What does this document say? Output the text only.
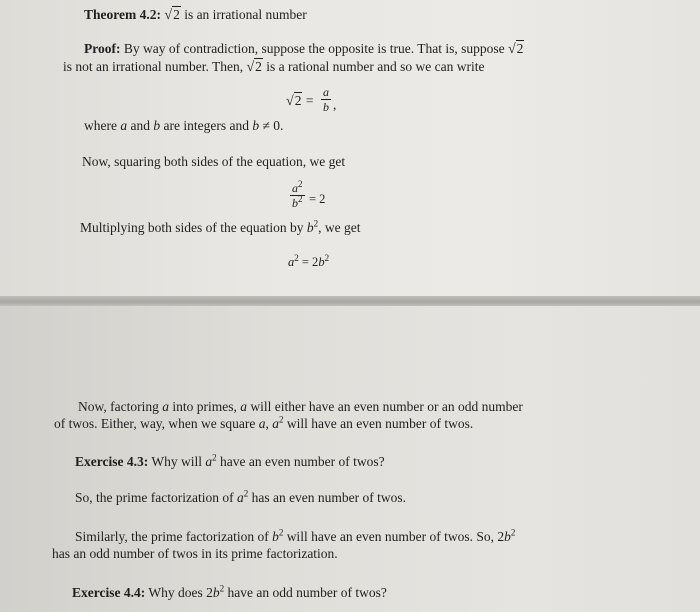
Theorem 4.2: √2 is an irrational number
Proof: By way of contradiction, suppose the opposite is true. That is, suppose √2
is not an irrational number. Then, √2 is a rational number and so we can write
$√2 = \frac{a}{b}$ ,
where a and b are integers and b ≠ 0.
Now, squaring both sides of the equation, we get
$\frac{a^2}{b^2} = 2$
Multiplying both sides of the equation by $b^2$, we get
$a^2 = 2b^2$
Now, factoring a into primes, a will either have an even number or an odd number
of twos. Either, way, when we square a, $a^2$ will have an even number of twos.
Exercise 4.3: Why will $a^2$ have an even number of twos?
So, the prime factorization of $a^2$ has an even number of twos.
Similarly, the prime factorization of $b^2$ will have an even number of twos. So, $2b^2$
has an odd number of twos in its prime factorization.
Exercise 4.4: Why does $2b^2$ have an odd number of twos?
